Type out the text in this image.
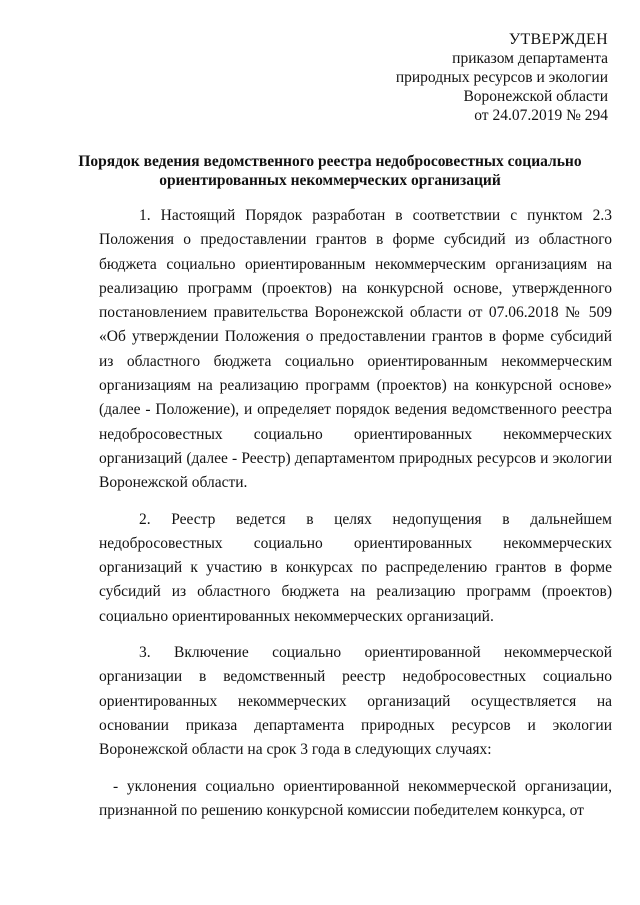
УТВЕРЖДЕН
приказом департамента
природных ресурсов и экологии
Воронежской области
от 24.07.2019 № 294
Порядок ведения ведомственного реестра недобросовестных социально
ориентированных некоммерческих организаций

1. Настоящий Порядок разработан в соответствии с пунктом 2.3 Положения о предоставлении грантов в форме субсидий из областного бюджета социально ориентированным некоммерческим организациям на реализацию программ (проектов) на конкурсной основе, утвержденного постановлением правительства Воронежской области от 07.06.2018 № 509 «Об утверждении Положения о предоставлении грантов в форме субсидий из областного бюджета социально ориентированным некоммерческим организациям на реализацию программ (проектов) на конкурсной основе» (далее - Положение), и определяет порядок ведения ведомственного реестра недобросовестных социально ориентированных некоммерческих организаций (далее - Реестр) департаментом природных ресурсов и экологии Воронежской области.

2. Реестр ведется в целях недопущения в дальнейшем недобросовестных социально ориентированных некоммерческих организаций к участию в конкурсах по распределению грантов в форме субсидий из областного бюджета на реализацию программ (проектов) социально ориентированных некоммерческих организаций.

3. Включение социально ориентированной некоммерческой организации в ведомственный реестр недобросовестных социально ориентированных некоммерческих организаций осуществляется на основании приказа департамента природных ресурсов и экологии Воронежской области на срок 3 года в следующих случаях:

- уклонения социально ориентированной некоммерческой организации, признанной по решению конкурсной комиссии победителем конкурса, от
